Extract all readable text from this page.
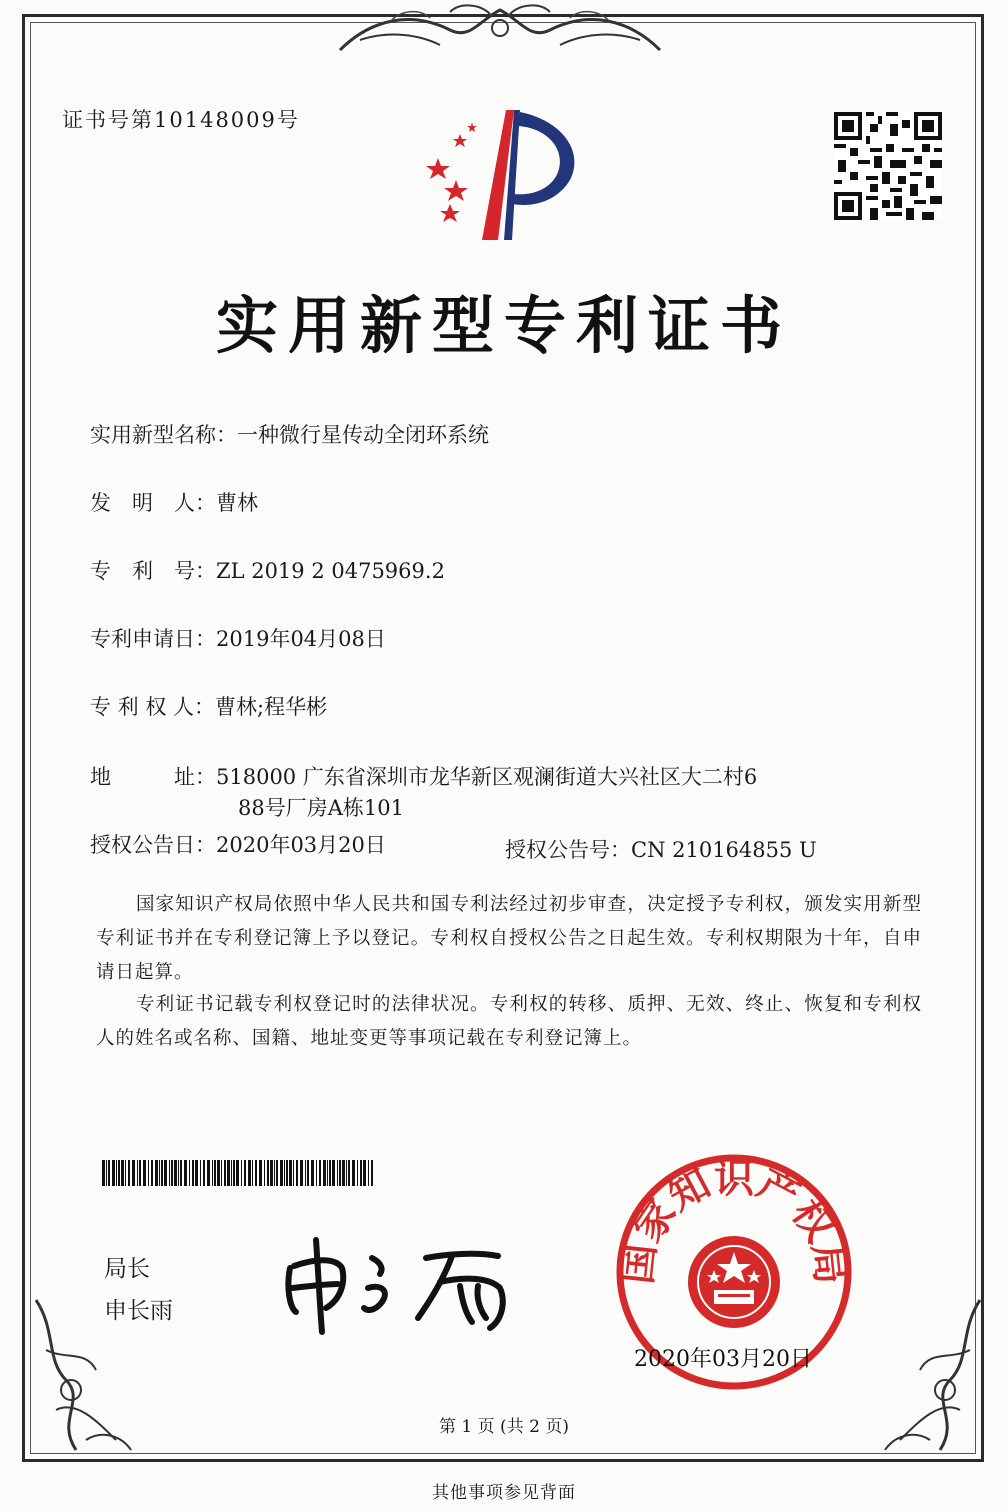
证书号第10148009号
实用新型专利证书
实用新型名称：一种微行星传动全闭环系统
发　明　人：曹林
专　利　号：ZL 2019 2 0475969.2
专利申请日：2019年04月08日
专 利 权 人：曹林;程华彬
地　　　址：518000 广东省深圳市龙华新区观澜街道大兴社区大二村6
88号厂房A栋101
授权公告日：2020年03月20日	授权公告号：CN 210164855 U
国家知识产权局依照中华人民共和国专利法经过初步审查，决定授予专利权，颁发实用新型专利证书并在专利登记簿上予以登记。专利权自授权公告之日起生效。专利权期限为十年，自申请日起算。
专利证书记载专利权登记时的法律状况。专利权的转移、质押、无效、终止、恢复和专利权人的姓名或名称、国籍、地址变更等事项记载在专利登记簿上。
局长
申长雨
国家知识产权局
2020年03月20日
第 1 页 (共 2 页)
其他事项参见背面
